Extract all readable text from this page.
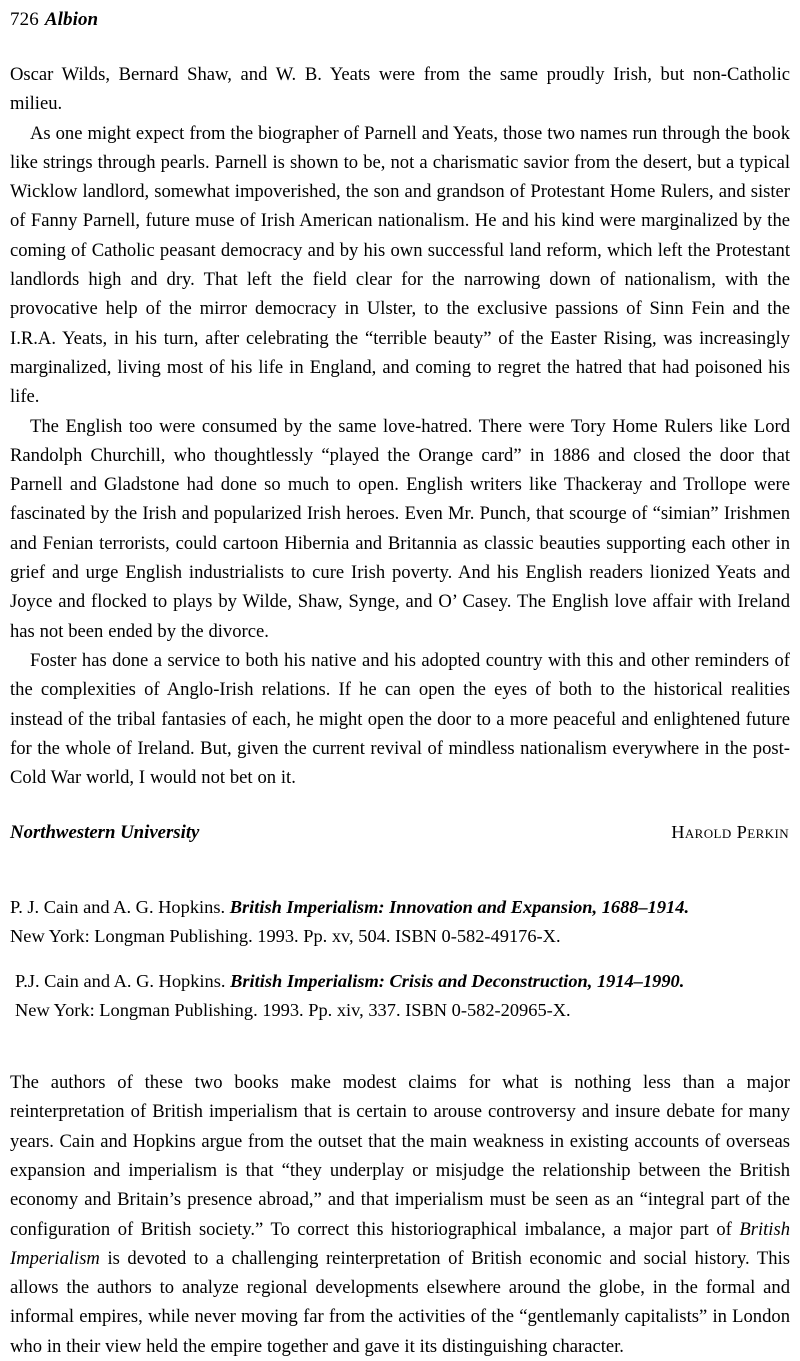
726 Albion

Oscar Wilds, Bernard Shaw, and W. B. Yeats were from the same proudly Irish, but non-Catholic milieu.

As one might expect from the biographer of Parnell and Yeats, those two names run through the book like strings through pearls. Parnell is shown to be, not a charismatic savior from the desert, but a typical Wicklow landlord, somewhat impoverished, the son and grandson of Protestant Home Rulers, and sister of Fanny Parnell, future muse of Irish American nationalism. He and his kind were marginalized by the coming of Catholic peasant democracy and by his own successful land reform, which left the Protestant landlords high and dry. That left the field clear for the narrowing down of nationalism, with the provocative help of the mirror democracy in Ulster, to the exclusive passions of Sinn Fein and the I.R.A. Yeats, in his turn, after celebrating the “terrible beauty” of the Easter Rising, was increasingly marginalized, living most of his life in England, and coming to regret the hatred that had poisoned his life.

The English too were consumed by the same love-hatred. There were Tory Home Rulers like Lord Randolph Churchill, who thoughtlessly “played the Orange card” in 1886 and closed the door that Parnell and Gladstone had done so much to open. English writers like Thackeray and Trollope were fascinated by the Irish and popularized Irish heroes. Even Mr. Punch, that scourge of “simian” Irishmen and Fenian terrorists, could cartoon Hibernia and Britannia as classic beauties supporting each other in grief and urge English industrialists to cure Irish poverty. And his English readers lionized Yeats and Joyce and flocked to plays by Wilde, Shaw, Synge, and O’ Casey. The English love affair with Ireland has not been ended by the divorce.

Foster has done a service to both his native and his adopted country with this and other reminders of the complexities of Anglo-Irish relations. If he can open the eyes of both to the historical realities instead of the tribal fantasies of each, he might open the door to a more peaceful and enlightened future for the whole of Ireland. But, given the current revival of mindless nationalism everywhere in the post-Cold War world, I would not bet on it.

Northwestern University	Harold Perkin
P. J. Cain and A. G. Hopkins. British Imperialism: Innovation and Expansion, 1688–1914.
New York: Longman Publishing. 1993. Pp. xv, 504. ISBN 0-582-49176-X.
P.J. Cain and A. G. Hopkins. British Imperialism: Crisis and Deconstruction, 1914–1990.
New York: Longman Publishing. 1993. Pp. xiv, 337. ISBN 0-582-20965-X.

The authors of these two books make modest claims for what is nothing less than a major reinterpretation of British imperialism that is certain to arouse controversy and insure debate for many years. Cain and Hopkins argue from the outset that the main weakness in existing accounts of overseas expansion and imperialism is that “they underplay or misjudge the relationship between the British economy and Britain’s presence abroad,” and that imperialism must be seen as an “integral part of the configuration of British society.” To correct this historiographical imbalance, a major part of British Imperialism is devoted to a challenging reinterpretation of British economic and social history. This allows the authors to analyze regional developments elsewhere around the globe, in the formal and informal empires, while never moving far from the activities of the “gentlemanly capitalists” in London who in their view held the empire together and gave it its distinguishing character.
